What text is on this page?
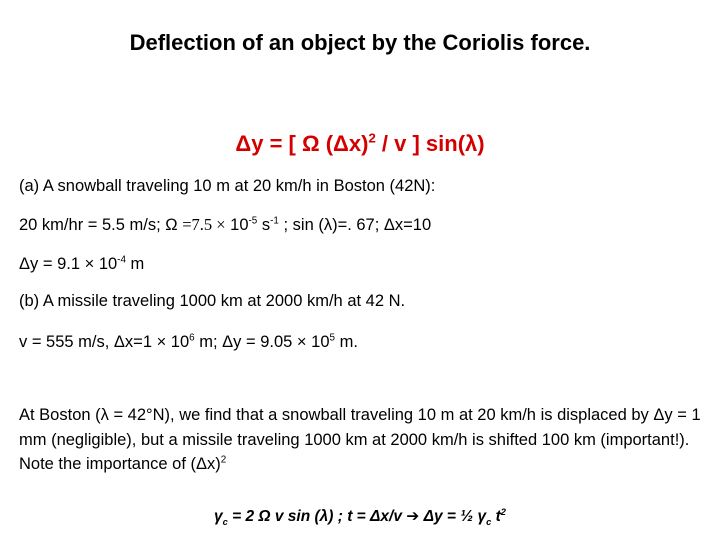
Deflection of an object by the Coriolis force.
Δy = [ Ω $(\Delta x)^2$ / v ] sin(λ)
(a) A snowball traveling 10 m at 20 km/h in Boston (42N):
20 km/hr = 5.5 m/s; $\Omega =7.5 \times 10^{-5}$ $s^{-1}$ ; sin (λ)=. 67; Δx=10
$\Delta y = 9.1 \times 10^{-4}$ m
(b) A missile traveling 1000 km at 2000 km/h at 42 N.
v = 555 m/s, $\Delta x=1 \times 10^6$ m; $\Delta y = 9.05 \times 10^5$ m.
At Boston (λ = 42°N), we find that a snowball traveling 10 m at 20 km/h is displaced by Δy = 1 mm (negligible), but a missile traveling 1000 km at 2000 km/h is shifted 100 km (important!). Note the importance of $(\Delta x)^2$
$\gamma_c = 2$ Ω v sin (λ) ; t = Δx/v ➔ Δy = ½ $\gamma_c$ $t^2$
